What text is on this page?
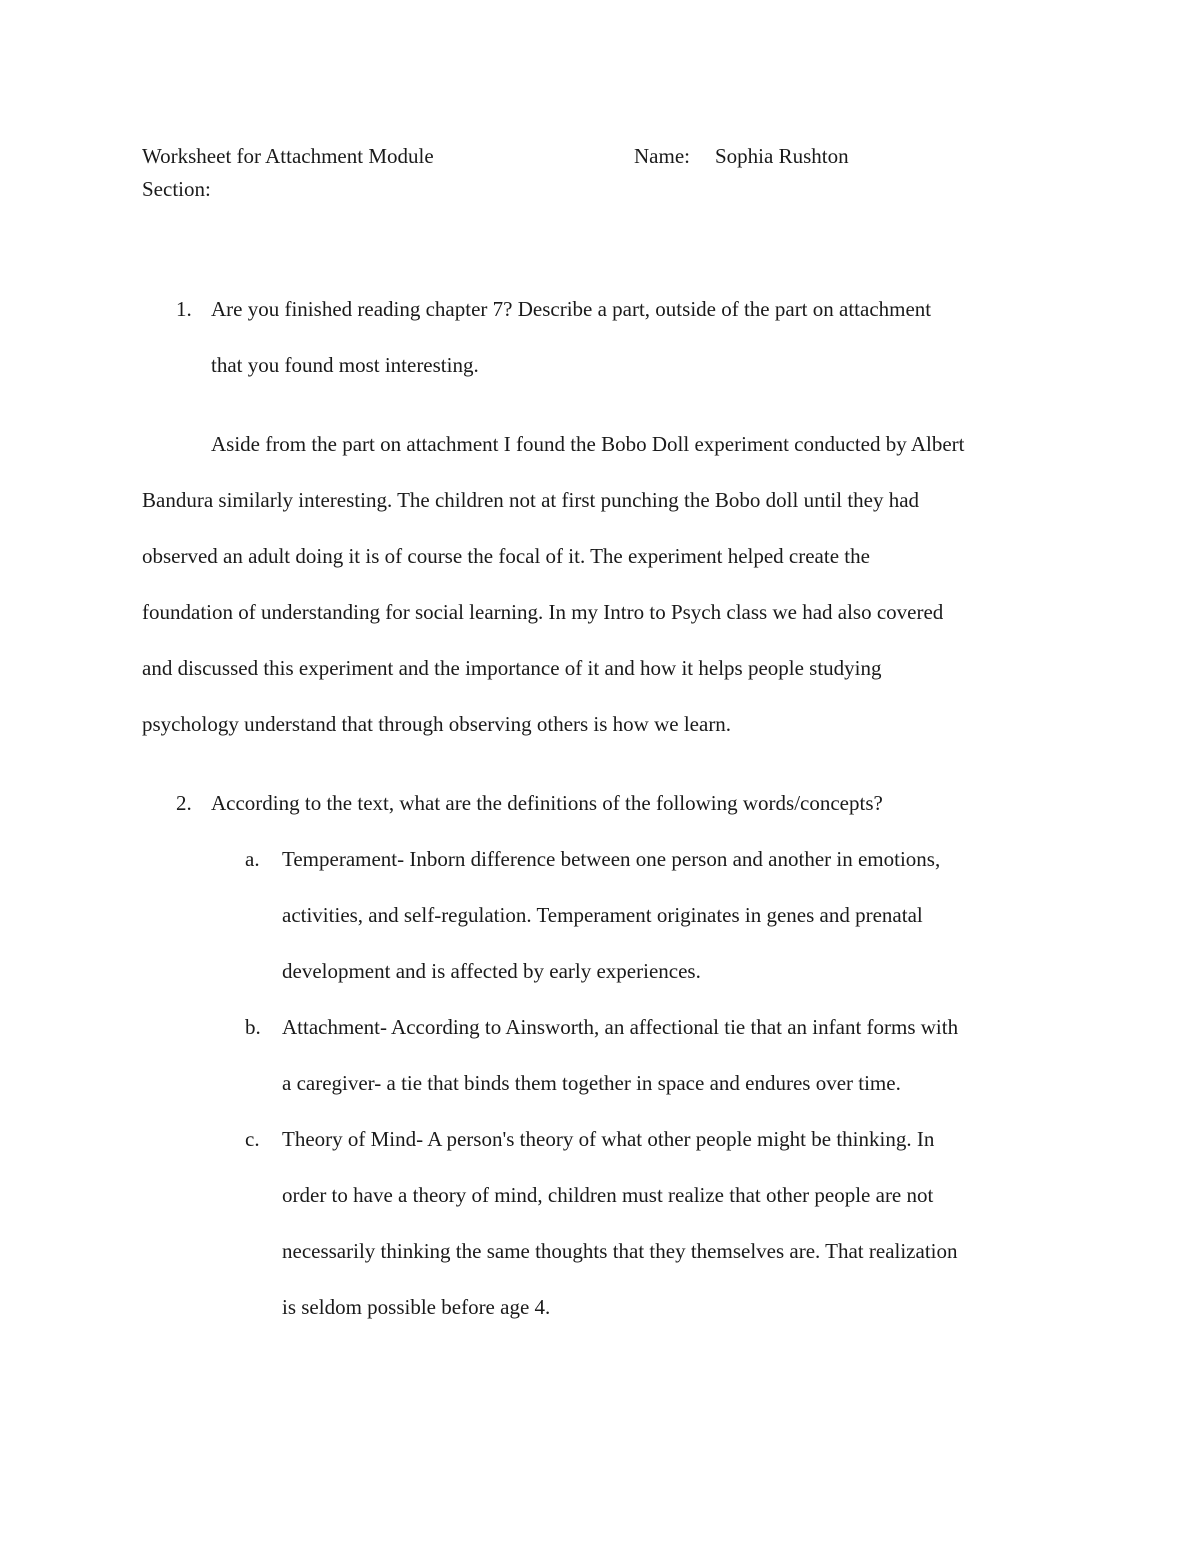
Worksheet for Attachment Module	Name: Sophia Rushton
Section:
1. Are you finished reading chapter 7? Describe a part, outside of the part on attachment
that you found most interesting.
Aside from the part on attachment I found the Bobo Doll experiment conducted by Albert
Bandura similarly interesting. The children not at first punching the Bobo doll until they had
observed an adult doing it is of course the focal of it. The experiment helped create the
foundation of understanding for social learning. In my Intro to Psych class we had also covered
and discussed this experiment and the importance of it and how it helps people studying
psychology understand that through observing others is how we learn.
2. According to the text, what are the definitions of the following words/concepts?
a. Temperament- Inborn difference between one person and another in emotions,
activities, and self-regulation. Temperament originates in genes and prenatal
development and is affected by early experiences.
b. Attachment- According to Ainsworth, an affectional tie that an infant forms with
a caregiver- a tie that binds them together in space and endures over time.
c. Theory of Mind- A person's theory of what other people might be thinking. In
order to have a theory of mind, children must realize that other people are not
necessarily thinking the same thoughts that they themselves are. That realization
is seldom possible before age 4.
